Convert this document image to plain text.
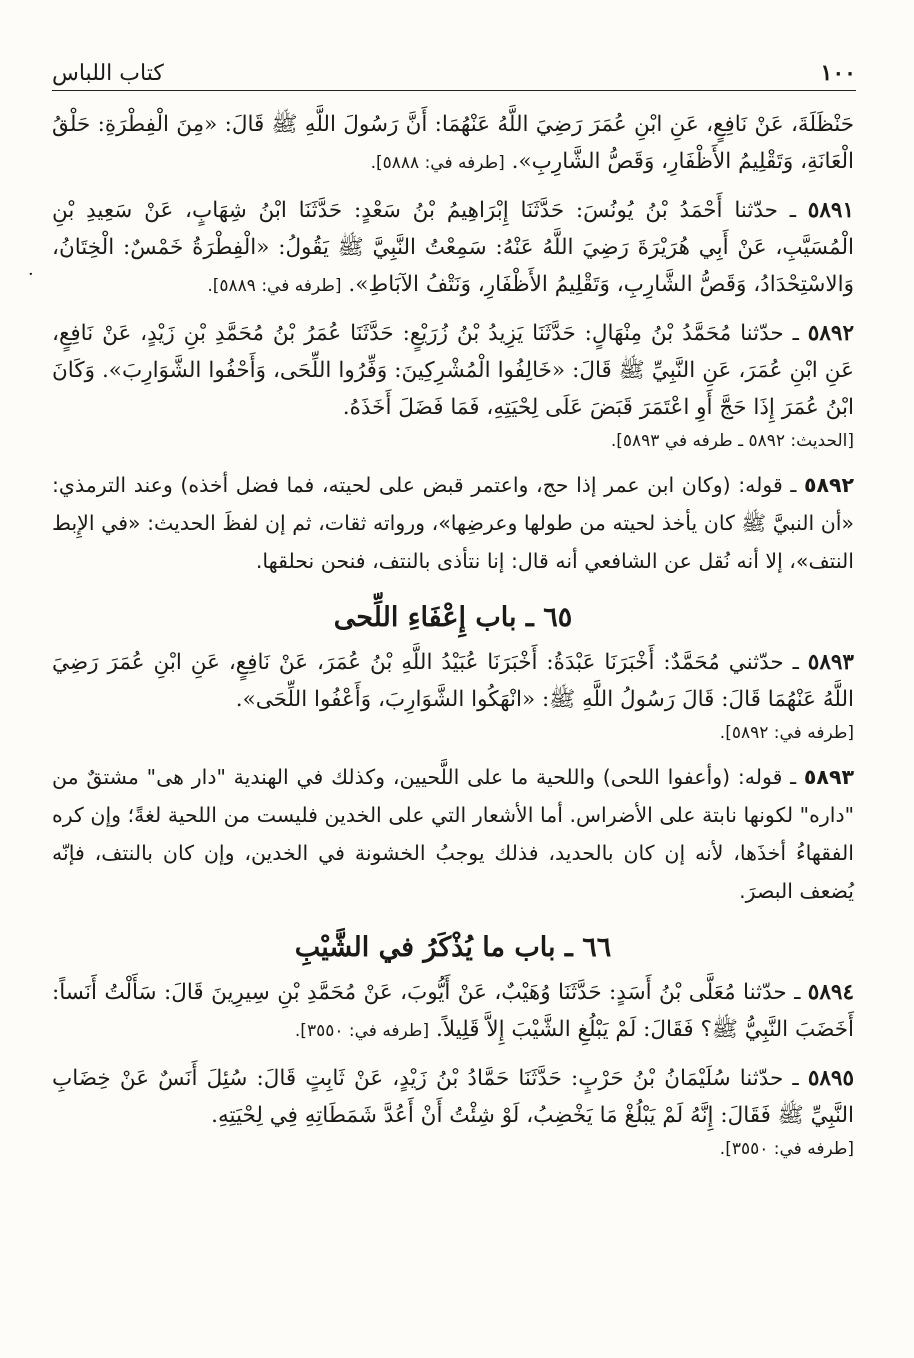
١٠٠
كتاب اللباس
·

حَنْظَلَةَ، عَنْ نَافِعٍ، عَنِ ابْنِ عُمَرَ رَضِيَ اللَّهُ عَنْهُمَا: أَنَّ رَسُولَ اللَّهِ ﷺ قَالَ: «مِنَ الْفِطْرَةِ: حَلْقُ الْعَانَةِ، وَتَقْلِيمُ الأَظْفَارِ، وَقَصُّ الشَّارِبِ». [طرفه في: ٥٨٨٨].

٥٨٩١ ـ حدّثنا أَحْمَدُ بْنُ يُونُسَ: حَدَّثَنَا إِبْرَاهِيمُ بْنُ سَعْدٍ: حَدَّثَنَا ابْنُ شِهَابٍ، عَنْ سَعِيدِ بْنِ الْمُسَيَّبِ، عَنْ أَبِي هُرَيْرَةَ رَضِيَ اللَّهُ عَنْهُ: سَمِعْتُ النَّبِيَّ ﷺ يَقُولُ: «الْفِطْرَةُ خَمْسٌ: الْخِتَانُ، وَالاسْتِحْدَادُ، وَقَصُّ الشَّارِبِ، وَتَقْلِيمُ الأَظْفَارِ، وَنَتْفُ الآبَاطِ». [طرفه في: ٥٨٨٩].

٥٨٩٢ ـ حدّثنا مُحَمَّدُ بْنُ مِنْهَالٍ: حَدَّثَنَا يَزِيدُ بْنُ زُرَيْعٍ: حَدَّثَنَا عُمَرُ بْنُ مُحَمَّدِ بْنِ زَيْدٍ، عَنْ نَافِعٍ، عَنِ ابْنِ عُمَرَ، عَنِ النَّبِيِّ ﷺ قَالَ: «خَالِفُوا الْمُشْرِكِينَ: وَفِّرُوا اللِّحَى، وَأَحْفُوا الشَّوَارِبَ». وَكَانَ ابْنُ عُمَرَ إِذَا حَجَّ أَوِ اعْتَمَرَ قَبَضَ عَلَى لِحْيَتِهِ، فَمَا فَضَلَ أَخَذَهُ.
[الحديث: ٥٨٩٢ ـ طرفه في ٥٨٩٣].

٥٨٩٢ ـ قوله: (وكان ابن عمر إذا حج، واعتمر قبض على لحيته، فما فضل أخذه) وعند الترمذي: «أن النبيَّ ﷺ كان يأخذ لحيته من طولها وعرضِها»، ورواته ثقات، ثم إن لفظَ الحديث: «في الإِبط النتف»، إلا أنه نُقل عن الشافعي أنه قال: إنا نتأذى بالنتف، فنحن نحلقها.

٦٥ ـ باب إِعْفَاءِ اللِّحى

٥٨٩٣ ـ حدّثني مُحَمَّدٌ: أَخْبَرَنَا عَبْدَةُ: أَخْبَرَنَا عُبَيْدُ اللَّهِ بْنُ عُمَرَ، عَنْ نَافِعٍ، عَنِ ابْنِ عُمَرَ رَضِيَ اللَّهُ عَنْهُمَا قَالَ: قَالَ رَسُولُ اللَّهِ ﷺ: «انْهَكُوا الشَّوَارِبَ، وَأَعْفُوا اللِّحَى».
[طرفه في: ٥٨٩٢].

٥٨٩٣ ـ قوله: (وأعفوا اللحى) واللحية ما على اللَّحيين، وكذلك في الهندية "دار هى" مشتقٌ من "داره" لكونها نابتة على الأضراس. أما الأشعار التي على الخدين فليست من اللحية لغةً؛ وإن كره الفقهاءُ أخذَها، لأنه إن كان بالحديد، فذلك يوجبُ الخشونة في الخدين، وإن كان بالنتف، فإنّه يُضعف البصرَ.

٦٦ ـ باب ما يُذْكَرُ في الشَّيْبِ

٥٨٩٤ ـ حدّثنا مُعَلَّى بْنُ أَسَدٍ: حَدَّثَنَا وُهَيْبٌ، عَنْ أَيُّوبَ، عَنْ مُحَمَّدِ بْنِ سِيرِينَ قَالَ: سَأَلْتُ أَنَساً: أَخَضَبَ النَّبِيُّ ﷺ؟ فَقَالَ: لَمْ يَبْلُغِ الشَّيْبَ إِلاَّ قَلِيلاً. [طرفه في: ٣٥٥٠].

٥٨٩٥ ـ حدّثنا سُلَيْمَانُ بْنُ حَرْبٍ: حَدَّثَنَا حَمَّادُ بْنُ زَيْدٍ، عَنْ ثَابِتٍ قَالَ: سُئِلَ أَنَسٌ عَنْ خِضَابِ النَّبِيِّ ﷺ فَقَالَ: إِنَّهُ لَمْ يَبْلُغْ مَا يَخْضِبُ، لَوْ شِئْتُ أَنْ أَعُدَّ شَمَطَاتِهِ فِي لِحْيَتِهِ.
[طرفه في: ٣٥٥٠].
